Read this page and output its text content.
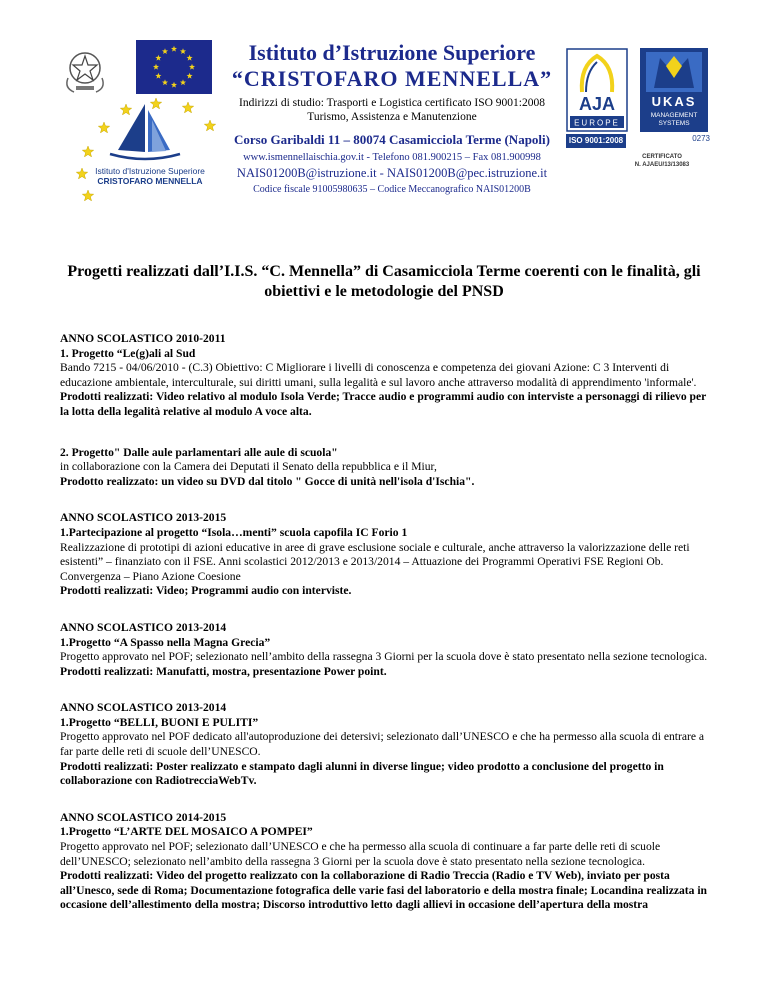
Istituto d'Istruzione Superiore
CRISTOFARO MENNELLA

Istituto d’Istruzione Superiore

“CRISTOFARO MENNELLA”

Indirizzi di studio: Trasporti e Logistica certificato ISO 9001:2008
Turismo, Assistenza e Manutenzione
Corso Garibaldi 11 – 80074 Casamicciola Terme (Napoli)
www.ismennellaischia.gov.it - Telefono 081.900215 – Fax 081.900998
NAIS01200B@istruzione.it - NAIS01200B@pec.istruzione.it
Codice fiscale 91005980635 – Codice Meccanografico NAIS01200B
AJA
EUROPE
UKAS
MANAGEMENT
SYSTEMS
ISO 9001:2008	0273
CERTIFICATO
N. AJAEU/13/13083
Progetti realizzati dall’I.I.S. “C. Mennella” di Casamicciola Terme coerenti con le finalità, gli obiettivi e le metodologie del PNSD

ANNO SCOLASTICO 2010-2011

1. Progetto “Le(g)ali al Sud

Bando 7215 - 04/06/2010 - (C.3) Obiettivo: C Migliorare i livelli di conoscenza e competenza dei giovani Azione: C 3 Interventi di educazione ambientale, interculturale, sui diritti umani, sulla legalità e sul lavoro anche attraverso modalità di apprendimento 'informale'.

Prodotti realizzati: Video relativo al modulo Isola Verde; Tracce audio e programmi audio con interviste a personaggi di rilievo per la lotta della legalità relative al modulo A voce alta.

2. Progetto" Dalle aule parlamentari alle aule di scuola"

in collaborazione con la Camera dei Deputati il Senato della repubblica e il Miur,

Prodotto realizzato: un video su DVD dal titolo " Gocce di unità nell'isola d'Ischia".

ANNO SCOLASTICO 2013-2015

1.Partecipazione al progetto “Isola…menti” scuola capofila IC Forio 1

Realizzazione di prototipi di azioni educative in aree di grave esclusione sociale e culturale, anche attraverso la valorizzazione delle reti esistenti” – finanziato con il FSE. Anni scolastici 2012/2013 e 2013/2014 – Attuazione dei Programmi Operativi FSE Regioni Ob. Convergenza – Piano Azione Coesione

Prodotti realizzati: Video; Programmi audio con interviste.

ANNO SCOLASTICO 2013-2014

1.Progetto “A Spasso nella Magna Grecia”

Progetto approvato nel POF; selezionato nell’ambito della rassegna 3 Giorni per la scuola dove è stato presentato nella sezione tecnologica.

Prodotti realizzati: Manufatti, mostra, presentazione Power point.

ANNO SCOLASTICO 2013-2014

1.Progetto “BELLI, BUONI E PULITI”

Progetto approvato nel POF dedicato all'autoproduzione dei detersivi; selezionato dall’UNESCO e che ha permesso alla scuola di entrare a far parte delle reti di scuole dell’UNESCO.

Prodotti realizzati: Poster realizzato e stampato dagli alunni in diverse lingue; video prodotto a conclusione del progetto in collaborazione con RadiotrecciaWebTv.

ANNO SCOLASTICO 2014-2015

1.Progetto “L’ARTE DEL MOSAICO A POMPEI”

Progetto approvato nel POF; selezionato dall’UNESCO e che ha permesso alla scuola di continuare a far parte delle reti di scuole dell’UNESCO; selezionato nell’ambito della rassegna 3 Giorni per la scuola dove è stato presentato nella sezione tecnologica.

Prodotti realizzati: Video del progetto realizzato con la collaborazione di Radio Treccia (Radio e TV Web), inviato per posta all’Unesco, sede di Roma; Documentazione fotografica delle varie fasi del laboratorio e della mostra finale; Locandina realizzata in occasione dell’allestimento della mostra; Discorso introduttivo letto dagli allievi in occasione dell’apertura della mostra
